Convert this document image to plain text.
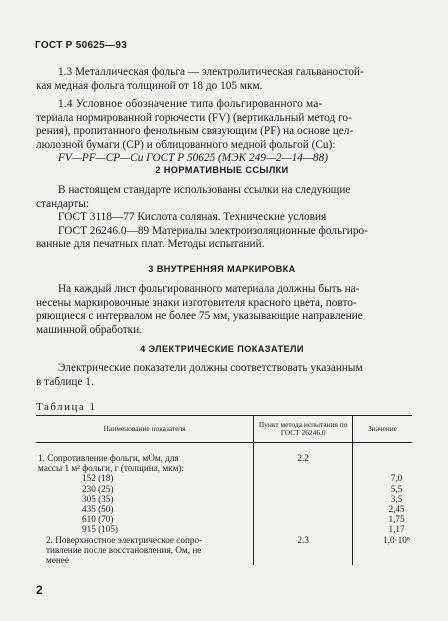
ГОСТ Р 50625—93
1.3 Металлическая фольга — электролитическая гальваностой-
кая медная фольга толщиной от 18 до 105 мкм.
1.4 Условное обозначение типа фольгированного ма-
териала нормированной горючести (FV) (вертикальный метод го-
рения), пропитанного фенольным связующим (PF) на основе цел-
люлозной бумаги (CP) и облицованного медной фольгой (Cu):
FV—PF—CP—Cu ГОСТ Р 50625 (МЭК 249—2—14—88)
2 НОРМАТИВНЫЕ ССЫЛКИ
В настоящем стандарте использованы ссылки на следующие
стандарты:
ГОСТ 3118—77 Кислота соляная. Технические условия
ГОСТ 26246.0—89 Материалы электроизоляционные фольгиро-
ванные для печатных плат. Методы испытаний.
3 ВНУТРЕННЯЯ МАРКИРОВКА
На каждый лист фольгированного материала должны быть на-
несены маркировочные знаки изготовителя красного цвета, повто-
ряющиеся с интервалом не более 75 мм, указывающие направление
машинной обработки.
4 ЭЛЕКТРИЧЕСКИЕ ПОКАЗАТЕЛИ
Электрические показатели должны соответствовать указанным
в таблице 1.
Таблица 1
Наименование показателя	Пункт метода испытания по ГОСТ 26246.0	Значение

1. Сопротивление фольги, мОм, для
массы 1 м² фольги, г (толщина, мкм):	2.2	
152 (18)		7,0
230 (25)		5,5
305 (35)		3,5
435 (50)		2,45
610 (70)		1,75
915 (105)		1,17

2. Поверхностное электрическое сопро-
тивление после восстановления, Ом, не
менее	2.3	1,0·10⁸
2
